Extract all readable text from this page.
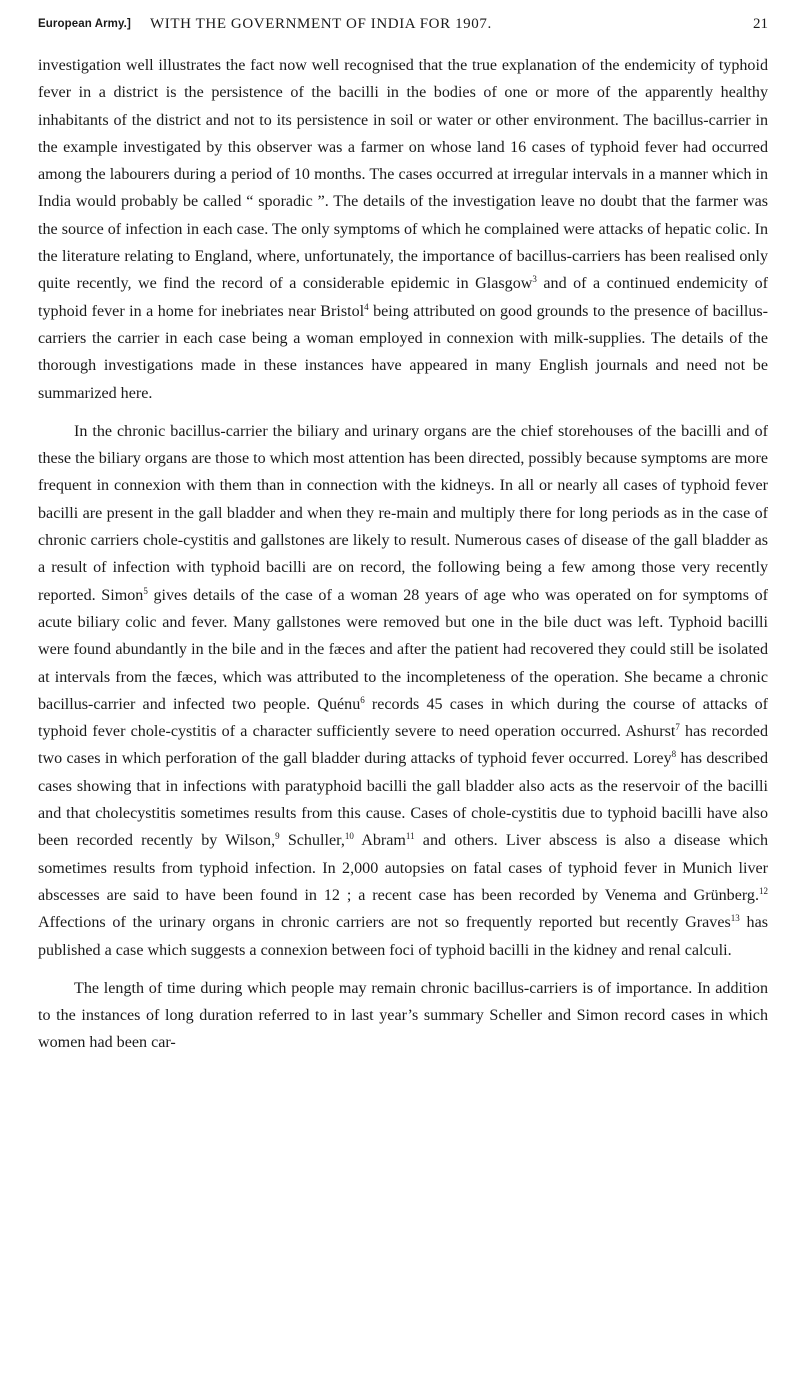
European Army.] WITH THE GOVERNMENT OF INDIA FOR 1907.	21

investigation well illustrates the fact now well recognised that the true explanation of the endemicity of typhoid fever in a district is the persistence of the bacilli in the bodies of one or more of the apparently healthy inhabitants of the district and not to its persistence in soil or water or other environment. The bacillus-carrier in the example investigated by this observer was a farmer on whose land 16 cases of typhoid fever had occurred among the labourers during a period of 10 months. The cases occurred at irregular intervals in a manner which in India would probably be called “ sporadic ”. The details of the investigation leave no doubt that the farmer was the source of infection in each case. The only symptoms of which he complained were attacks of hepatic colic. In the literature relating to England, where, unfortunately, the importance of bacillus-carriers has been realised only quite recently, we find the record of a considerable epidemic in Glasgow$^3$ and of a continued endemicity of typhoid fever in a home for inebriates near Bristol$^4$ being attributed on good grounds to the presence of bacillus-carriers the carrier in each case being a woman employed in connexion with milk-supplies. The details of the thorough investigations made in these instances have appeared in many English journals and need not be summarized here.

In the chronic bacillus-carrier the biliary and urinary organs are the chief storehouses of the bacilli and of these the biliary organs are those to which most attention has been directed, possibly because symptoms are more frequent in connexion with them than in connection with the kidneys. In all or nearly all cases of typhoid fever bacilli are present in the gall bladder and when they re-main and multiply there for long periods as in the case of chronic carriers chole-cystitis and gallstones are likely to result. Numerous cases of disease of the gall bladder as a result of infection with typhoid bacilli are on record, the following being a few among those very recently reported. Simon$^5$ gives details of the case of a woman 28 years of age who was operated on for symptoms of acute biliary colic and fever. Many gallstones were removed but one in the bile duct was left. Typhoid bacilli were found abundantly in the bile and in the fæces and after the patient had recovered they could still be isolated at intervals from the fæces, which was attributed to the incompleteness of the operation. She became a chronic bacillus-carrier and infected two people. Quénu$^6$ records 45 cases in which during the course of attacks of typhoid fever chole-cystitis of a character sufficiently severe to need operation occurred. Ashurst$^7$ has recorded two cases in which perforation of the gall bladder during attacks of typhoid fever occurred. Lorey$^8$ has described cases showing that in infections with paratyphoid bacilli the gall bladder also acts as the reservoir of the bacilli and that cholecystitis sometimes results from this cause. Cases of chole-cystitis due to typhoid bacilli have also been recorded recently by Wilson,$^9$ Schuller,$^{10}$ Abram$^{11}$ and others. Liver abscess is also a disease which sometimes results from typhoid infection. In 2,000 autopsies on fatal cases of typhoid fever in Munich liver abscesses are said to have been found in 12 ; a recent case has been recorded by Venema and Grünberg.$^{12}$ Affections of the urinary organs in chronic carriers are not so frequently reported but recently Graves$^{13}$ has published a case which suggests a connexion between foci of typhoid bacilli in the kidney and renal calculi.

The length of time during which people may remain chronic bacillus-carriers is of importance. In addition to the instances of long duration referred to in last year’s summary Scheller and Simon record cases in which women had been car-
